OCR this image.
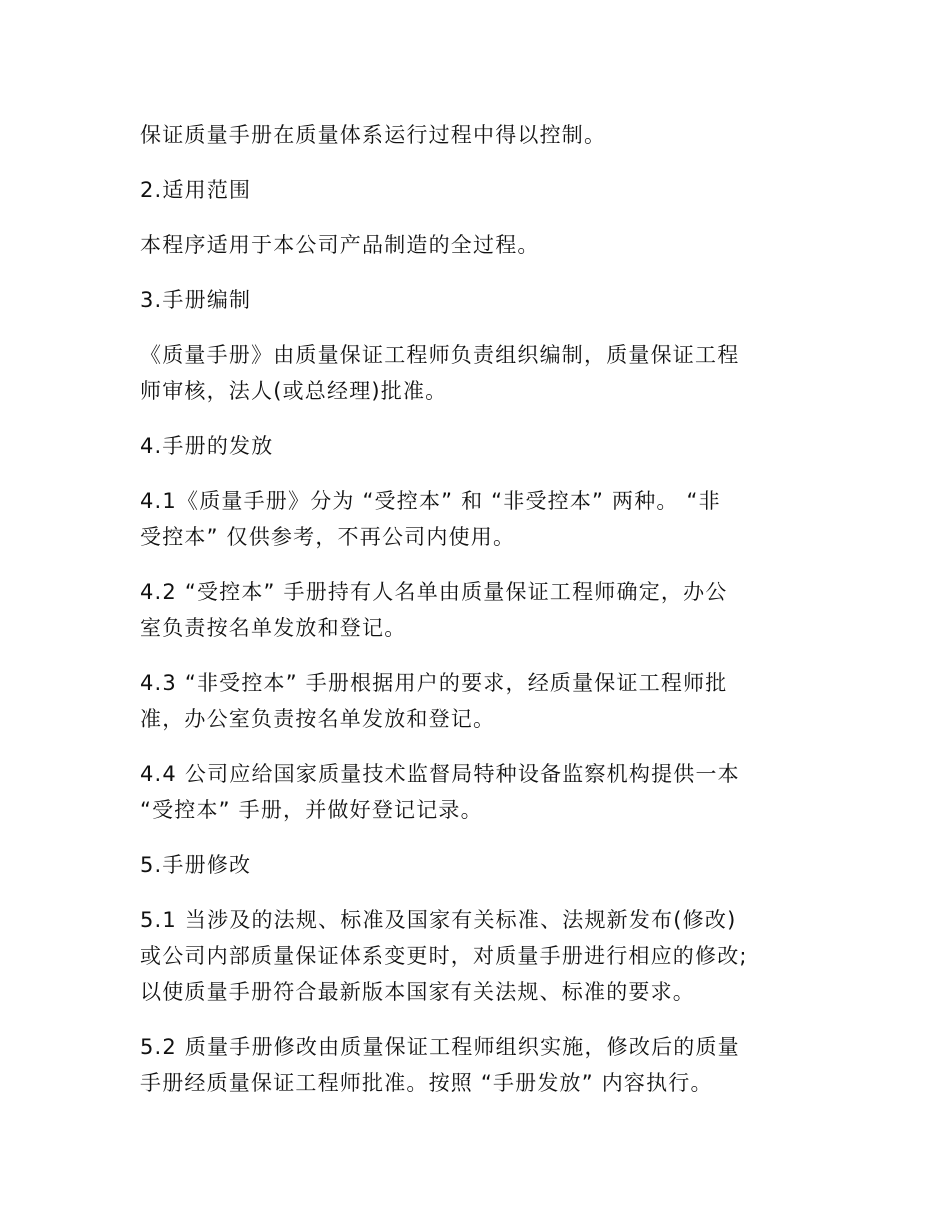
保证质量手册在质量体系运行过程中得以控制。

2.适用范围

本程序适用于本公司产品制造的全过程。

3.手册编制

《质量手册》由质量保证工程师负责组织编制，质量保证工程
师审核，法人(或总经理)批准。

4.手册的发放

4.1《质量手册》分为 “受控本” 和 “非受控本” 两种。 “非
受控本” 仅供参考，不再公司内使用。

4.2 “受控本” 手册持有人名单由质量保证工程师确定，办公
室负责按名单发放和登记。

4.3 “非受控本” 手册根据用户的要求，经质量保证工程师批
准，办公室负责按名单发放和登记。

4.4 公司应给国家质量技术监督局特种设备监察机构提供一本
“受控本” 手册，并做好登记记录。

5.手册修改

5.1 当涉及的法规、标准及国家有关标准、法规新发布(修改)
或公司内部质量保证体系变更时，对质量手册进行相应的修改;
以使质量手册符合最新版本国家有关法规、标准的要求。

5.2 质量手册修改由质量保证工程师组织实施，修改后的质量
手册经质量保证工程师批准。按照 “手册发放” 内容执行。
